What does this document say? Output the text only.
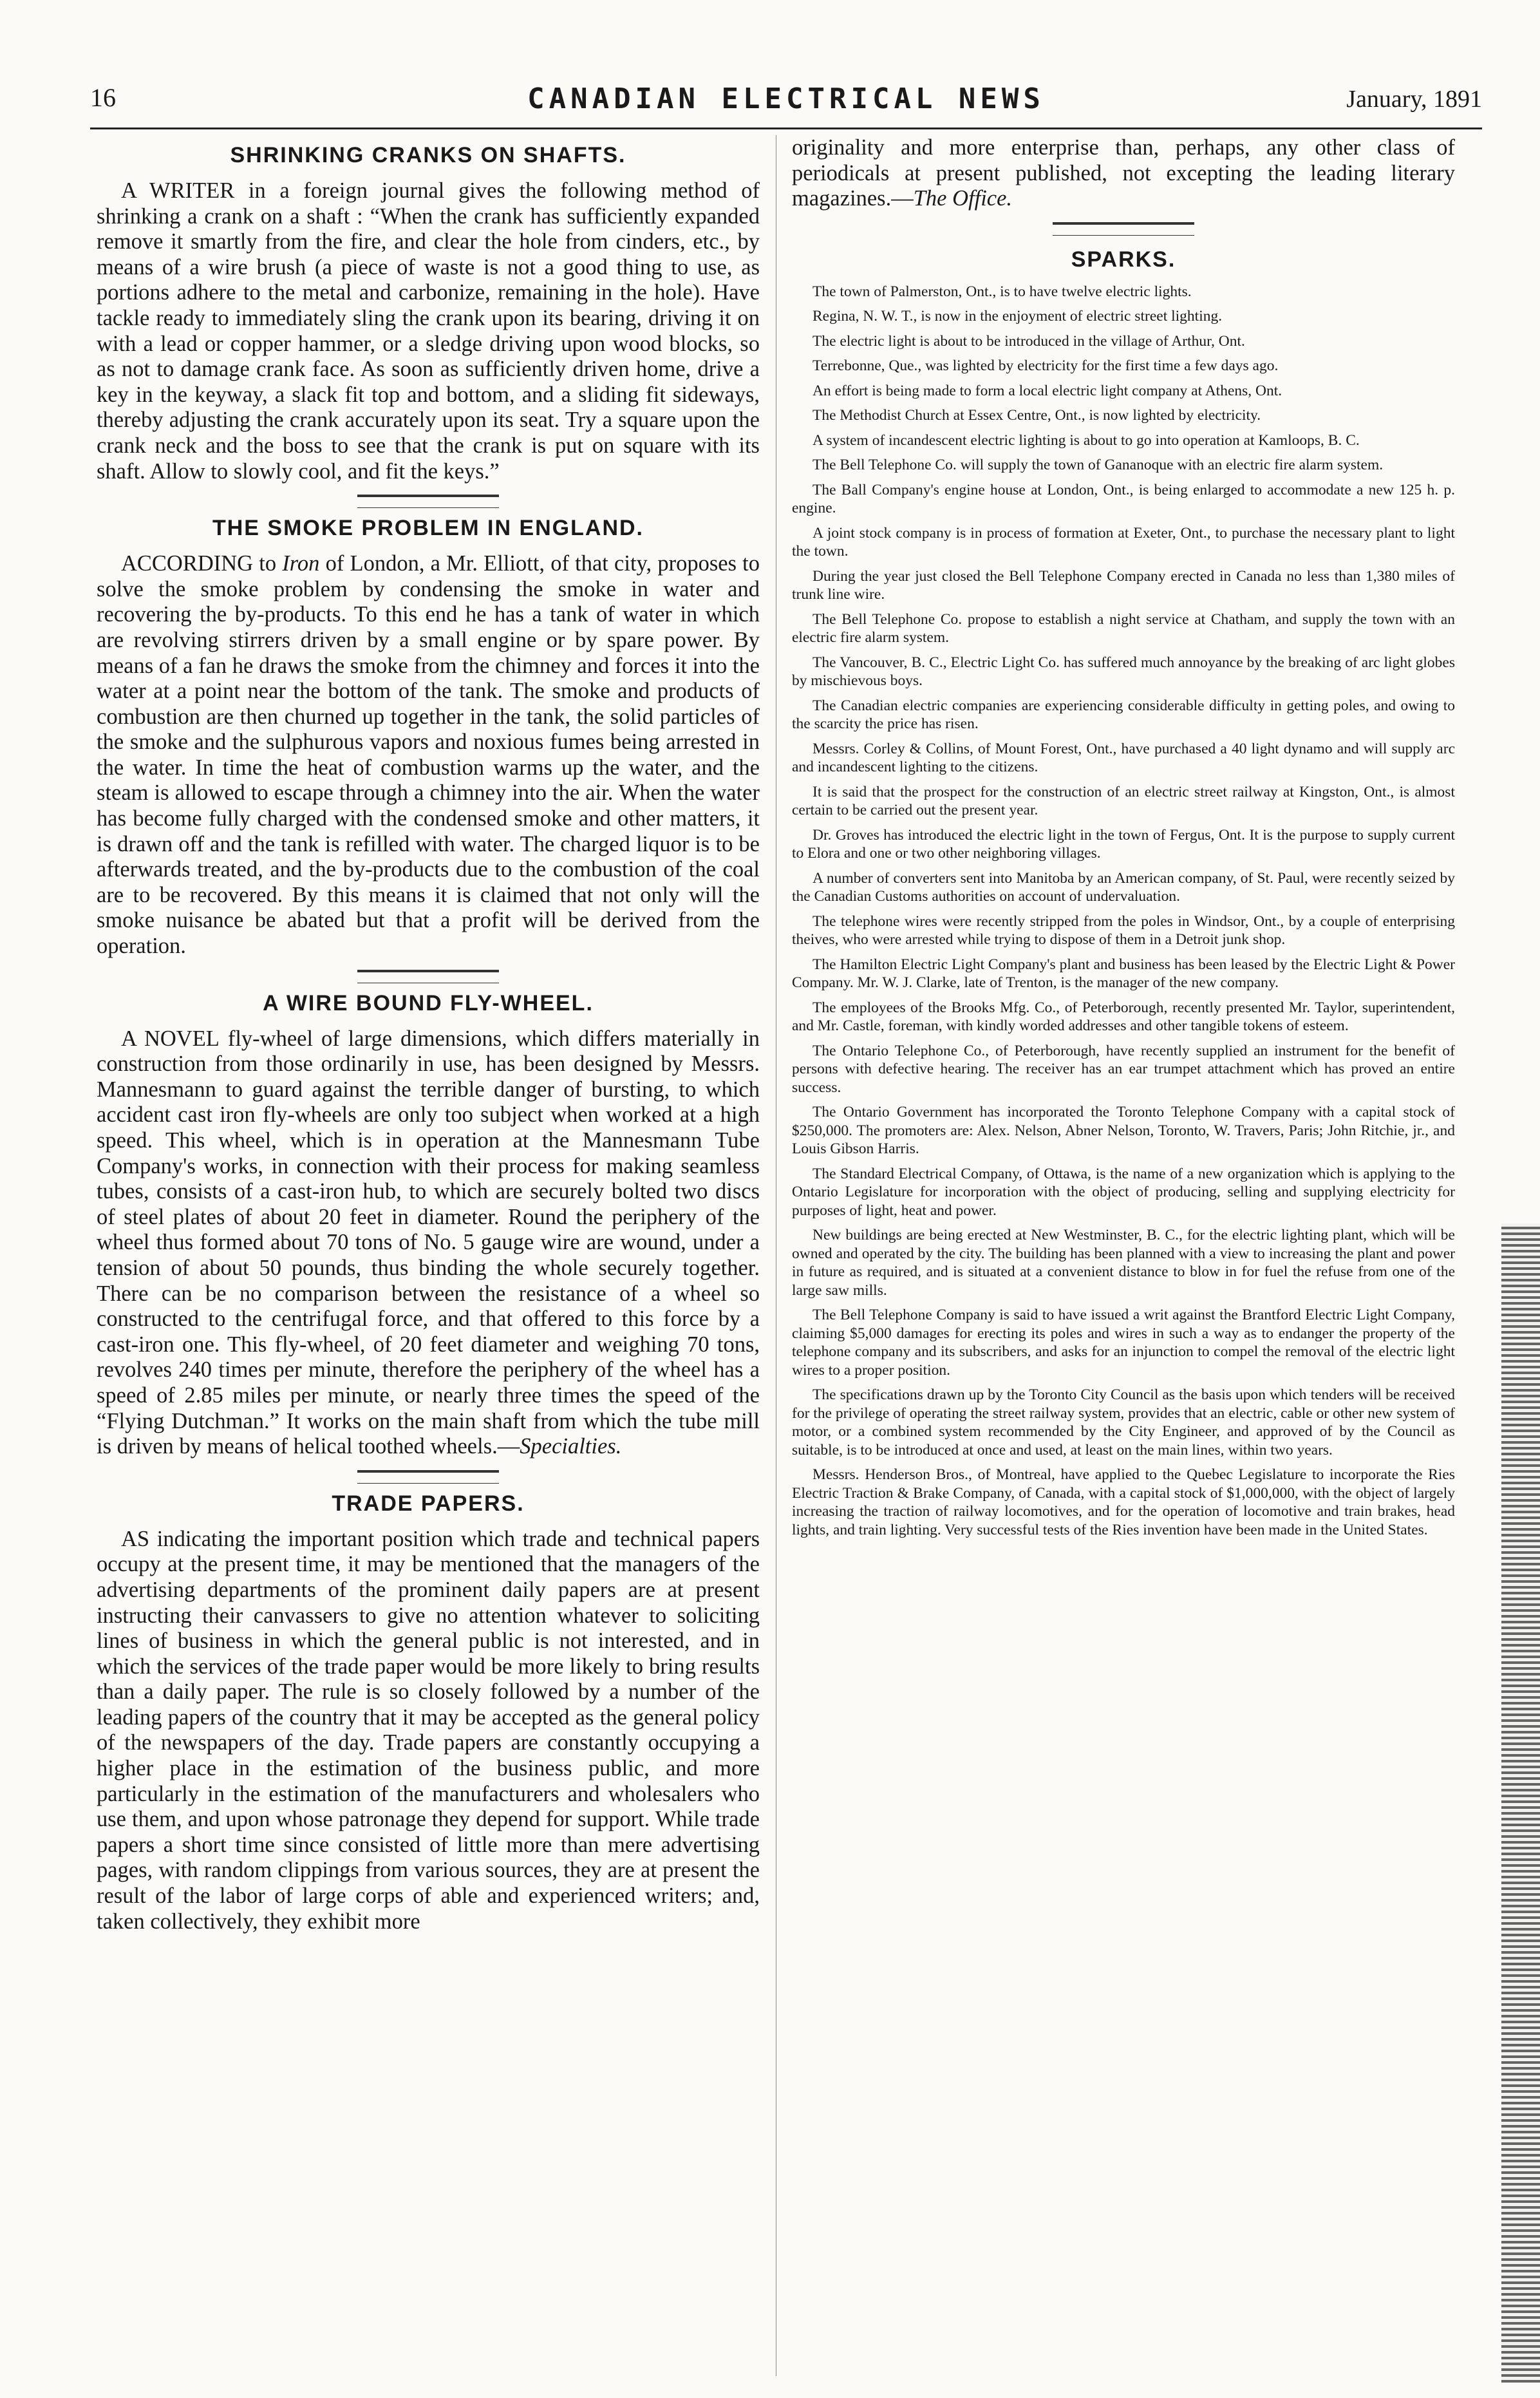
16	CANADIAN ELECTRICAL NEWS	January, 1891
SHRINKING CRANKS ON SHAFTS.

A WRITER in a foreign journal gives the following method of shrinking a crank on a shaft : “When the crank has sufficiently expanded remove it smartly from the fire, and clear the hole from cinders, etc., by means of a wire brush (a piece of waste is not a good thing to use, as portions adhere to the metal and carbonize, remaining in the hole). Have tackle ready to immediately sling the crank upon its bearing, driving it on with a lead or copper hammer, or a sledge driving upon wood blocks, so as not to damage crank face. As soon as sufficiently driven home, drive a key in the keyway, a slack fit top and bottom, and a sliding fit sideways, thereby adjusting the crank accurately upon its seat. Try a square upon the crank neck and the boss to see that the crank is put on square with its shaft. Allow to slowly cool, and fit the keys.”

THE SMOKE PROBLEM IN ENGLAND.

ACCORDING to Iron of London, a Mr. Elliott, of that city, proposes to solve the smoke problem by condensing the smoke in water and recovering the by-products. To this end he has a tank of water in which are revolving stirrers driven by a small engine or by spare power. By means of a fan he draws the smoke from the chimney and forces it into the water at a point near the bottom of the tank. The smoke and products of combustion are then churned up together in the tank, the solid particles of the smoke and the sulphurous vapors and noxious fumes being arrested in the water. In time the heat of combustion warms up the water, and the steam is allowed to escape through a chimney into the air. When the water has become fully charged with the condensed smoke and other matters, it is drawn off and the tank is refilled with water. The charged liquor is to be afterwards treated, and the by-products due to the combustion of the coal are to be recovered. By this means it is claimed that not only will the smoke nuisance be abated but that a profit will be derived from the operation.

A WIRE BOUND FLY-WHEEL.

A NOVEL fly-wheel of large dimensions, which differs materially in construction from those ordinarily in use, has been designed by Messrs. Mannesmann to guard against the terrible danger of bursting, to which accident cast iron fly-wheels are only too subject when worked at a high speed. This wheel, which is in operation at the Mannesmann Tube Company's works, in connection with their process for making seamless tubes, consists of a cast-iron hub, to which are securely bolted two discs of steel plates of about 20 feet in diameter. Round the periphery of the wheel thus formed about 70 tons of No. 5 gauge wire are wound, under a tension of about 50 pounds, thus binding the whole securely together. There can be no comparison between the resistance of a wheel so constructed to the centrifugal force, and that offered to this force by a cast-iron one. This fly-wheel, of 20 feet diameter and weighing 70 tons, revolves 240 times per minute, therefore the periphery of the wheel has a speed of 2.85 miles per minute, or nearly three times the speed of the “Flying Dutchman.” It works on the main shaft from which the tube mill is driven by means of helical toothed wheels.—Specialties.

TRADE PAPERS.

AS indicating the important position which trade and technical papers occupy at the present time, it may be mentioned that the managers of the advertising departments of the prominent daily papers are at present instructing their canvassers to give no attention whatever to soliciting lines of business in which the general public is not interested, and in which the services of the trade paper would be more likely to bring results than a daily paper. The rule is so closely followed by a number of the leading papers of the country that it may be accepted as the general policy of the newspapers of the day. Trade papers are constantly occupying a higher place in the estimation of the business public, and more particularly in the estimation of the manufacturers and wholesalers who use them, and upon whose patronage they depend for support. While trade papers a short time since consisted of little more than mere advertising pages, with random clippings from various sources, they are at present the result of the labor of large corps of able and experienced writers; and, taken collectively, they exhibit more

originality and more enterprise than, perhaps, any other class of periodicals at present published, not excepting the leading literary magazines.—The Office.

SPARKS.

The town of Palmerston, Ont., is to have twelve electric lights.

Regina, N. W. T., is now in the enjoyment of electric street lighting.

The electric light is about to be introduced in the village of Arthur, Ont.

Terrebonne, Que., was lighted by electricity for the first time a few days ago.

An effort is being made to form a local electric light company at Athens, Ont.

The Methodist Church at Essex Centre, Ont., is now lighted by electricity.

A system of incandescent electric lighting is about to go into operation at Kamloops, B. C.

The Bell Telephone Co. will supply the town of Gananoque with an electric fire alarm system.

The Ball Company's engine house at London, Ont., is being enlarged to accommodate a new 125 h. p. engine.

A joint stock company is in process of formation at Exeter, Ont., to purchase the necessary plant to light the town.

During the year just closed the Bell Telephone Company erected in Canada no less than 1,380 miles of trunk line wire.

The Bell Telephone Co. propose to establish a night service at Chatham, and supply the town with an electric fire alarm system.

The Vancouver, B. C., Electric Light Co. has suffered much annoyance by the breaking of arc light globes by mischievous boys.

The Canadian electric companies are experiencing considerable difficulty in getting poles, and owing to the scarcity the price has risen.

Messrs. Corley & Collins, of Mount Forest, Ont., have purchased a 40 light dynamo and will supply arc and incandescent lighting to the citizens.

It is said that the prospect for the construction of an electric street railway at Kingston, Ont., is almost certain to be carried out the present year.

Dr. Groves has introduced the electric light in the town of Fergus, Ont. It is the purpose to supply current to Elora and one or two other neighboring villages.

A number of converters sent into Manitoba by an American company, of St. Paul, were recently seized by the Canadian Customs authorities on account of undervaluation.

The telephone wires were recently stripped from the poles in Windsor, Ont., by a couple of enterprising theives, who were arrested while trying to dispose of them in a Detroit junk shop.

The Hamilton Electric Light Company's plant and business has been leased by the Electric Light & Power Company. Mr. W. J. Clarke, late of Trenton, is the manager of the new company.

The employees of the Brooks Mfg. Co., of Peterborough, recently presented Mr. Taylor, superintendent, and Mr. Castle, foreman, with kindly worded addresses and other tangible tokens of esteem.

The Ontario Telephone Co., of Peterborough, have recently supplied an instrument for the benefit of persons with defective hearing. The receiver has an ear trumpet attachment which has proved an entire success.

The Ontario Government has incorporated the Toronto Telephone Company with a capital stock of $250,000. The promoters are: Alex. Nelson, Abner Nelson, Toronto, W. Travers, Paris; John Ritchie, jr., and Louis Gibson Harris.

The Standard Electrical Company, of Ottawa, is the name of a new organization which is applying to the Ontario Legislature for incorporation with the object of producing, selling and supplying electricity for purposes of light, heat and power.

New buildings are being erected at New Westminster, B. C., for the electric lighting plant, which will be owned and operated by the city. The building has been planned with a view to increasing the plant and power in future as required, and is situated at a convenient distance to blow in for fuel the refuse from one of the large saw mills.

The Bell Telephone Company is said to have issued a writ against the Brantford Electric Light Company, claiming $5,000 damages for erecting its poles and wires in such a way as to endanger the property of the telephone company and its subscribers, and asks for an injunction to compel the removal of the electric light wires to a proper position.

The specifications drawn up by the Toronto City Council as the basis upon which tenders will be received for the privilege of operating the street railway system, provides that an electric, cable or other new system of motor, or a combined system recommended by the City Engineer, and approved of by the Council as suitable, is to be introduced at once and used, at least on the main lines, within two years.

Messrs. Henderson Bros., of Montreal, have applied to the Quebec Legislature to incorporate the Ries Electric Traction & Brake Company, of Canada, with a capital stock of $1,000,000, with the object of largely increasing the traction of railway locomotives, and for the operation of locomotive and train brakes, head lights, and train lighting. Very successful tests of the Ries invention have been made in the United States.
